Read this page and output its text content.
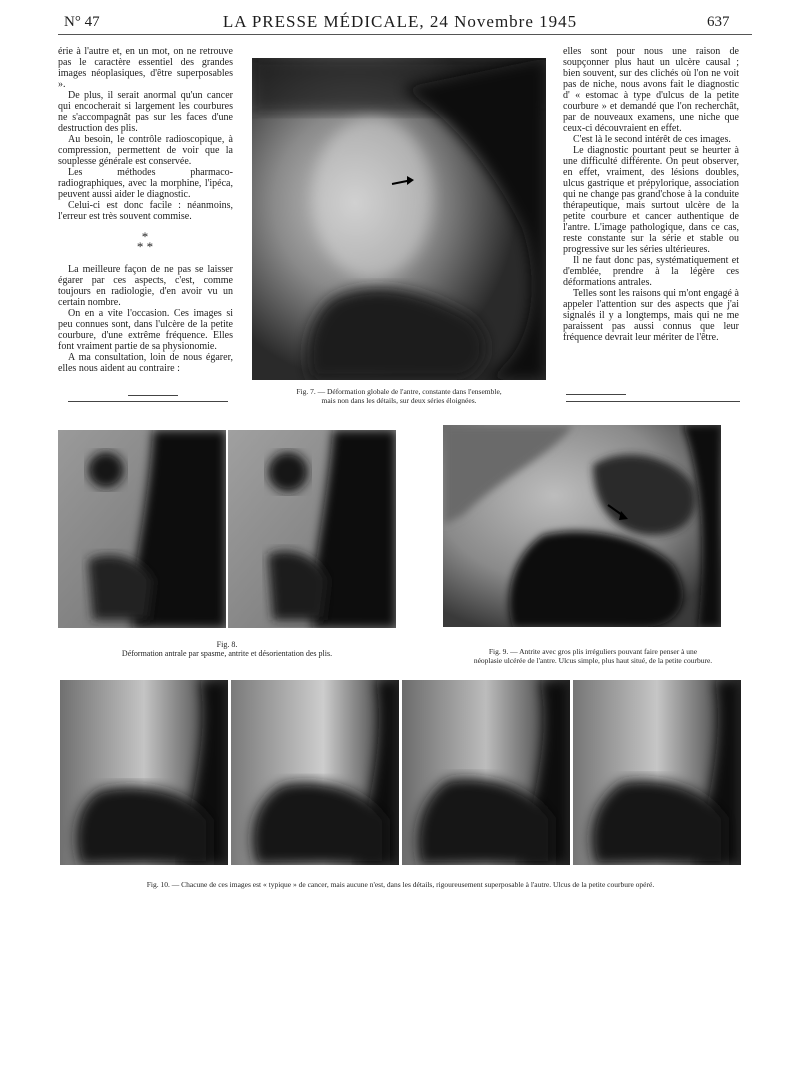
N° 47	LA PRESSE MÉDICALE, 24 Novembre 1945	637

érie à l'autre et, en un mot, on ne retrouve pas le caractère essentiel des grandes images néoplasiques, d'être superposables ».

De plus, il serait anormal qu'un cancer qui encocherait si largement les courbures ne s'accompagnât pas sur les faces d'une destruction des plis.

Au besoin, le contrôle radioscopique, à compression, permettent de voir que la souplesse générale est conservée.

Les méthodes pharmaco-radiographiques, avec la morphine, l'ipéca, peuvent aussi aider le diagnostic.

Celui-ci est donc facile : néanmoins, l'erreur est très souvent commise.

*
* *

La meilleure façon de ne pas se laisser égarer par ces aspects, c'est, comme toujours en radiologie, d'en avoir vu un certain nombre.

On en a vite l'occasion. Ces images si peu connues sont, dans l'ulcère de la petite courbure, d'une extrême fréquence. Elles font vraiment partie de sa physionomie.

A ma consultation, loin de nous égarer, elles nous aident au contraire :

Fig. 7. — Déformation globale de l'antre, constante dans l'ensemble,
mais non dans les détails, sur deux séries éloignées.

elles sont pour nous une raison de soupçonner plus haut un ulcère causal ; bien souvent, sur des clichés où l'on ne voit pas de niche, nous avons fait le diagnostic d' « estomac à type d'ulcus de la petite courbure » et demandé que l'on recherchât, par de nouveaux examens, une niche que ceux-ci découvraient en effet.

C'est là le second intérêt de ces images.

Le diagnostic pourtant peut se heurter à une difficulté différente. On peut observer, en effet, vraiment, des lésions doubles, ulcus gastrique et prépylorique, association qui ne change pas grand'chose à la conduite thérapeutique, mais surtout ulcère de la petite courbure et cancer authentique de l'antre. L'image pathologique, dans ce cas, reste constante sur la série et stable ou progressive sur les séries ultérieures.

Il ne faut donc pas, systématiquement et d'emblée, prendre à la légère ces déformations antrales.

Telles sont les raisons qui m'ont engagé à appeler l'attention sur des aspects que j'ai signalés il y a longtemps, mais qui ne me paraissent pas aussi connus que leur fréquence devrait leur mériter de l'être.

Fig. 8.
Déformation antrale par spasme, antrite et désorientation des plis.	Fig. 9. — Antrite avec gros plis irréguliers pouvant faire penser à une
néoplasie ulcérée de l'antre. Ulcus simple, plus haut situé, de la petite courbure.
Fig. 10. — Chacune de ces images est « typique » de cancer, mais aucune n'est, dans les détails, rigoureusement superposable à l'autre. Ulcus de la petite courbure opéré.
